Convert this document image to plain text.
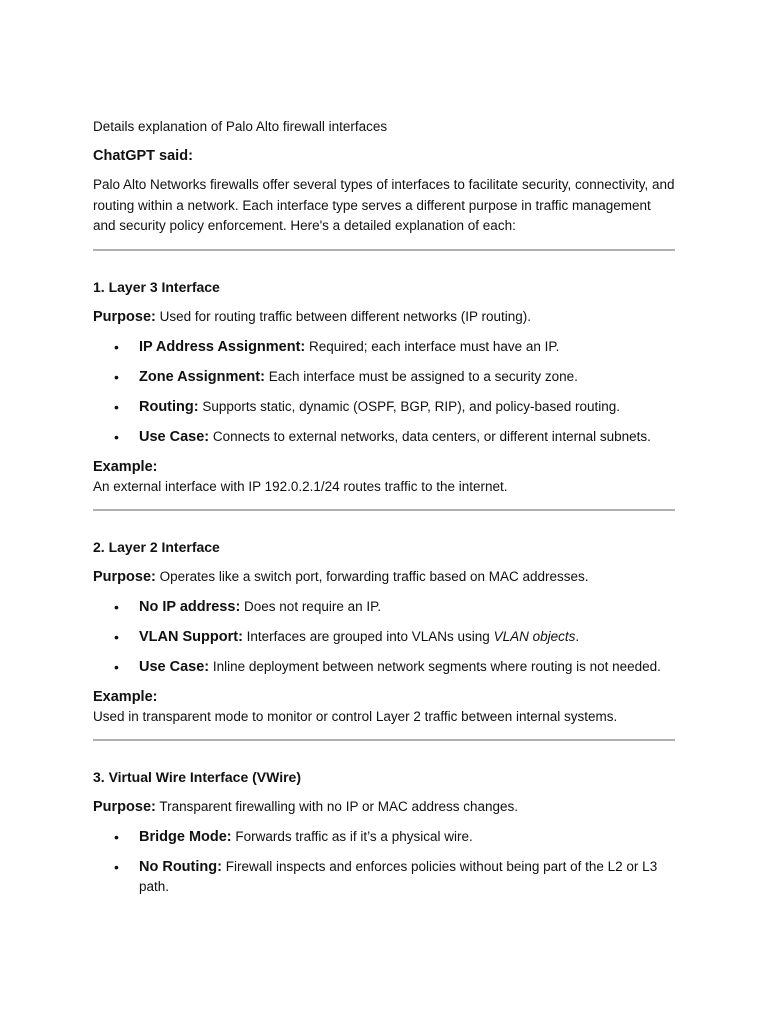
Details explanation of Palo Alto firewall interfaces

ChatGPT said:

Palo Alto Networks firewalls offer several types of interfaces to facilitate security, connectivity, and routing within a network. Each interface type serves a different purpose in traffic management and security policy enforcement. Here's a detailed explanation of each:

1. Layer 3 Interface

Purpose: Used for routing traffic between different networks (IP routing).

• IP Address Assignment: Required; each interface must have an IP.
• Zone Assignment: Each interface must be assigned to a security zone.
• Routing: Supports static, dynamic (OSPF, BGP, RIP), and policy-based routing.
• Use Case: Connects to external networks, data centers, or different internal subnets.

Example:

An external interface with IP 192.0.2.1/24 routes traffic to the internet.

2. Layer 2 Interface

Purpose: Operates like a switch port, forwarding traffic based on MAC addresses.

• No IP address: Does not require an IP.
• VLAN Support: Interfaces are grouped into VLANs using VLAN objects.
• Use Case: Inline deployment between network segments where routing is not needed.

Example:

Used in transparent mode to monitor or control Layer 2 traffic between internal systems.

3. Virtual Wire Interface (VWire)

Purpose: Transparent firewalling with no IP or MAC address changes.

• Bridge Mode: Forwards traffic as if it’s a physical wire.
• No Routing: Firewall inspects and enforces policies without being part of the L2 or L3 path.
